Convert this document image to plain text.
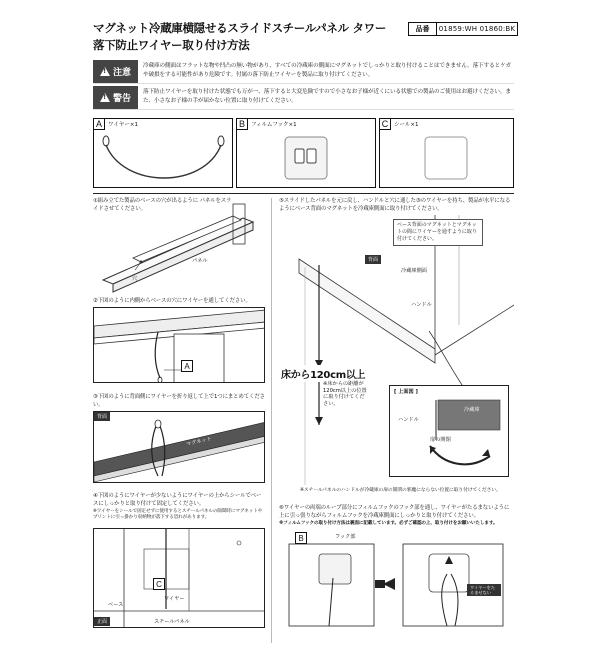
マグネット冷蔵庫横隠せるスライドスチールパネル タワー
落下防止ワイヤー取り付け方法
品番	01859:WH 01860:BK
!
注意
冷蔵庫の側面はフラットな物や凹凸の無い物があり、すべての冷蔵庫の側面にマグネットでしっかりと取り付けることはできません。落下するとケガや破損をする可能性があり危険です。付属の落下防止ワイヤーを製品に取り付けてください。
!
警告
落下防止ワイヤーを取り付けた状態でも万が一、落下すると大変危険ですので小さなお子様が近くにいる状態での製品のご使用はお避けください。また、小さなお子様の手が届かない位置に取り付けてください。
A	ワイヤー×1	B	フィルムフック×1	C	シール×1
①組み立てた製品のベースの穴が出るように パネルをスライドさせてください。
穴
パネル
②下図のように内側からベースの穴にワイヤーを通してください。
A
③下図のように背面側にワイヤーを折り返して上で1つにまとめてください。
背面
マグネット
④下図のようにワイヤーが少ないようにワイヤーの上からシールでベースにしっかりと取り付けて固定してください。
※ワイヤーをシールで固定せずに使用するとスチールパネルの隙間時にマグネットやプリントに引っ掛かり収納物が落下する恐れがあります。
ワイヤー
ベース
スチールパネル
正面
C
⑤スライドしたパネルを元に戻し、ハンドルと穴に通した③のワイヤーを持ち、製品が水平になるようにベース背面のマグネットを冷蔵庫側面に取り付けてください。
ベース背面のマグネットとマグネットの間にワイヤーを通すように取り付けてください。
背面
冷蔵庫側面
ハンドル
床から120cm以上
※床からの距離が120cm以上の位置に取り付けてください。
[ 上面図 ]
冷蔵庫
ハンドル
扉の開閉
※スチールパネルのハンドルが冷蔵庫の扉の開閉の邪魔にならない位置に取り付けてください。
⑥ワイヤーの両端のループ部分にフィルムフックのフック部を通し、ワイヤーがたるまないように上に引っ張りながらフィルムフックを冷蔵庫側面にしっかりと取り付けてください。
※フィルムフックの取り付け方法は裏面に記載しています。必ずご確認の上、取り付けをお願いいたします。
B	フック部
ワイヤーをたるませない
